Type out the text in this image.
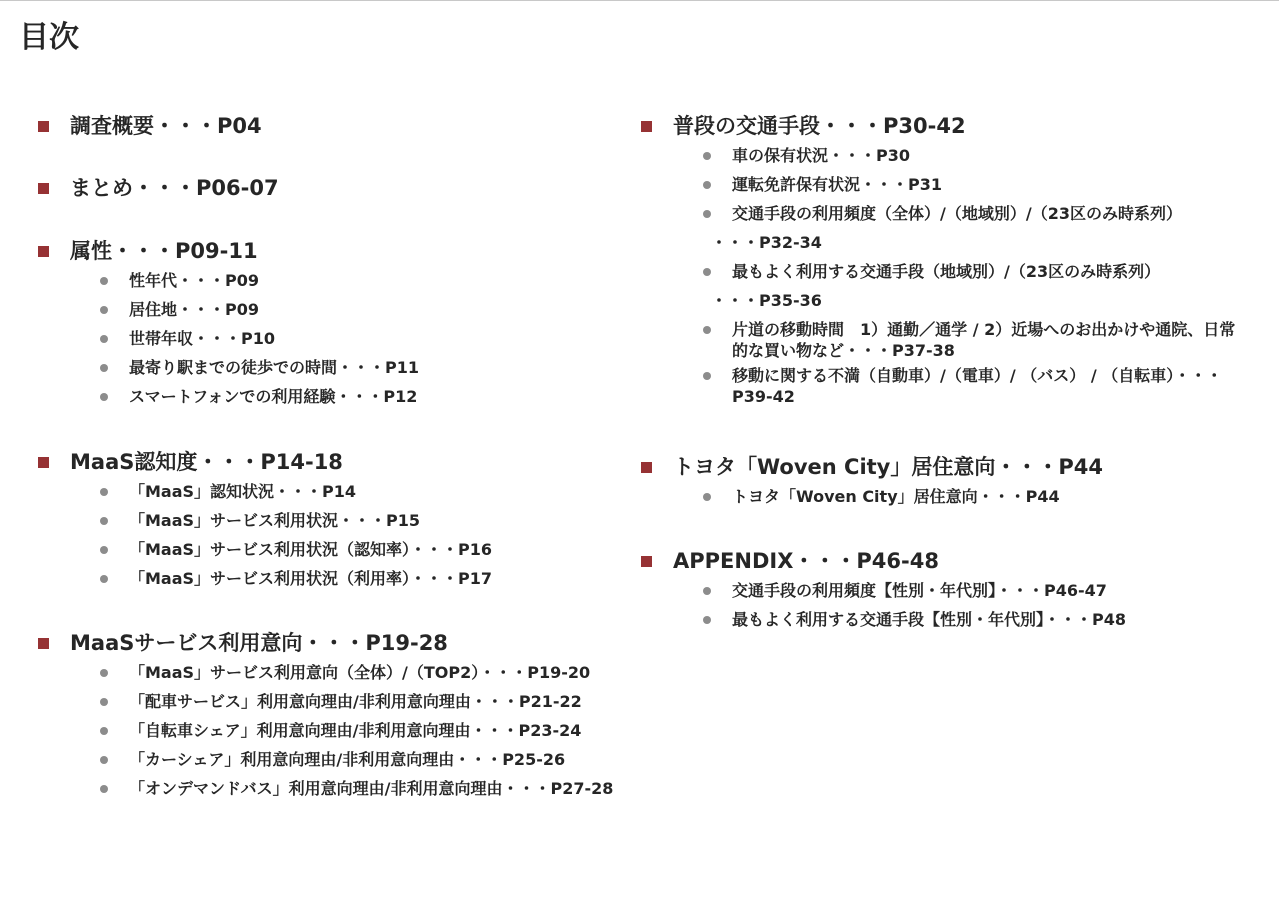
目次
調査概要・・・P04
まとめ・・・P06-07
属性・・・P09-11
性年代・・・P09
居住地・・・P09
世帯年収・・・P10
最寄り駅までの徒歩での時間・・・P11
スマートフォンでの利用経験・・・P12
MaaS認知度・・・P14-18
「MaaS」認知状況・・・P14
「MaaS」サービス利用状況・・・P15
「MaaS」サービス利用状況（認知率）・・・P16
「MaaS」サービス利用状況（利用率）・・・P17
MaaSサービス利用意向・・・P19-28
「MaaS」サービス利用意向（全体）/（TOP2）・・・P19-20
「配車サービス」利用意向理由/非利用意向理由・・・P21-22
「自転車シェア」利用意向理由/非利用意向理由・・・P23-24
「カーシェア」利用意向理由/非利用意向理由・・・P25-26
「オンデマンドバス」利用意向理由/非利用意向理由・・・P27-28
普段の交通手段・・・P30-42
車の保有状況・・・P30
運転免許保有状況・・・P31
交通手段の利用頻度（全体）/（地域別）/（23区のみ時系列）
・・・P32-34
最もよく利用する交通手段（地域別）/（23区のみ時系列）
・・・P35-36
片道の移動時間　1）通勤／通学 / 2）近場へのお出かけや通院、日常的な買い物など・・・P37-38
移動に関する不満（自動車）/（電車）/ （バス） / （自転車）・・・P39-42
トヨタ「Woven City」居住意向・・・P44
トヨタ「Woven City」居住意向・・・P44
APPENDIX・・・P46-48
交通手段の利用頻度【性別・年代別】・・・P46-47
最もよく利用する交通手段【性別・年代別】・・・P48
